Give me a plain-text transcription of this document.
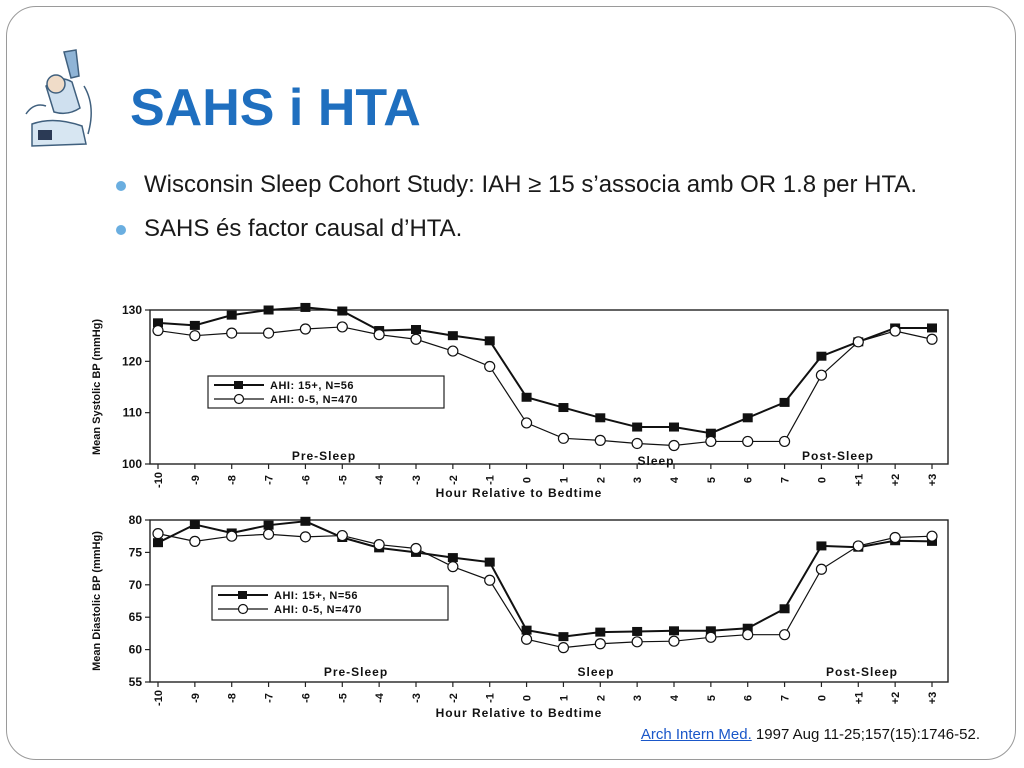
SAHS i HTA
Wisconsin Sleep Cohort Study: IAH ≥ 15 s’associa amb OR 1.8 per HTA.
SAHS és factor causal d’HTA.
Mean Systolic BP (mmHg)
100
110
120
130
-10 -9 -8 -7 -6 -5 -4 -3 -2 -1 0 1 2 3 4 5 6 7 0 +1 +2 +3
Hour Relative to Bedtime
Pre-Sleep	Sleep	Post-Sleep
AHI: 15+, N=56
AHI: 0-5, N=470
Mean Diastolic BP (mmHg)
55
60
65
70
75
80
-10 -9 -8 -7 -6 -5 -4 -3 -2 -1 0 1 2 3 4 5 6 7 0 +1 +2 +3
Hour Relative to Bedtime
Pre-Sleep	Sleep	Post-Sleep
AHI: 15+, N=56
AHI: 0-5, N=470
Arch Intern Med. 1997 Aug 11-25;157(15):1746-52.
